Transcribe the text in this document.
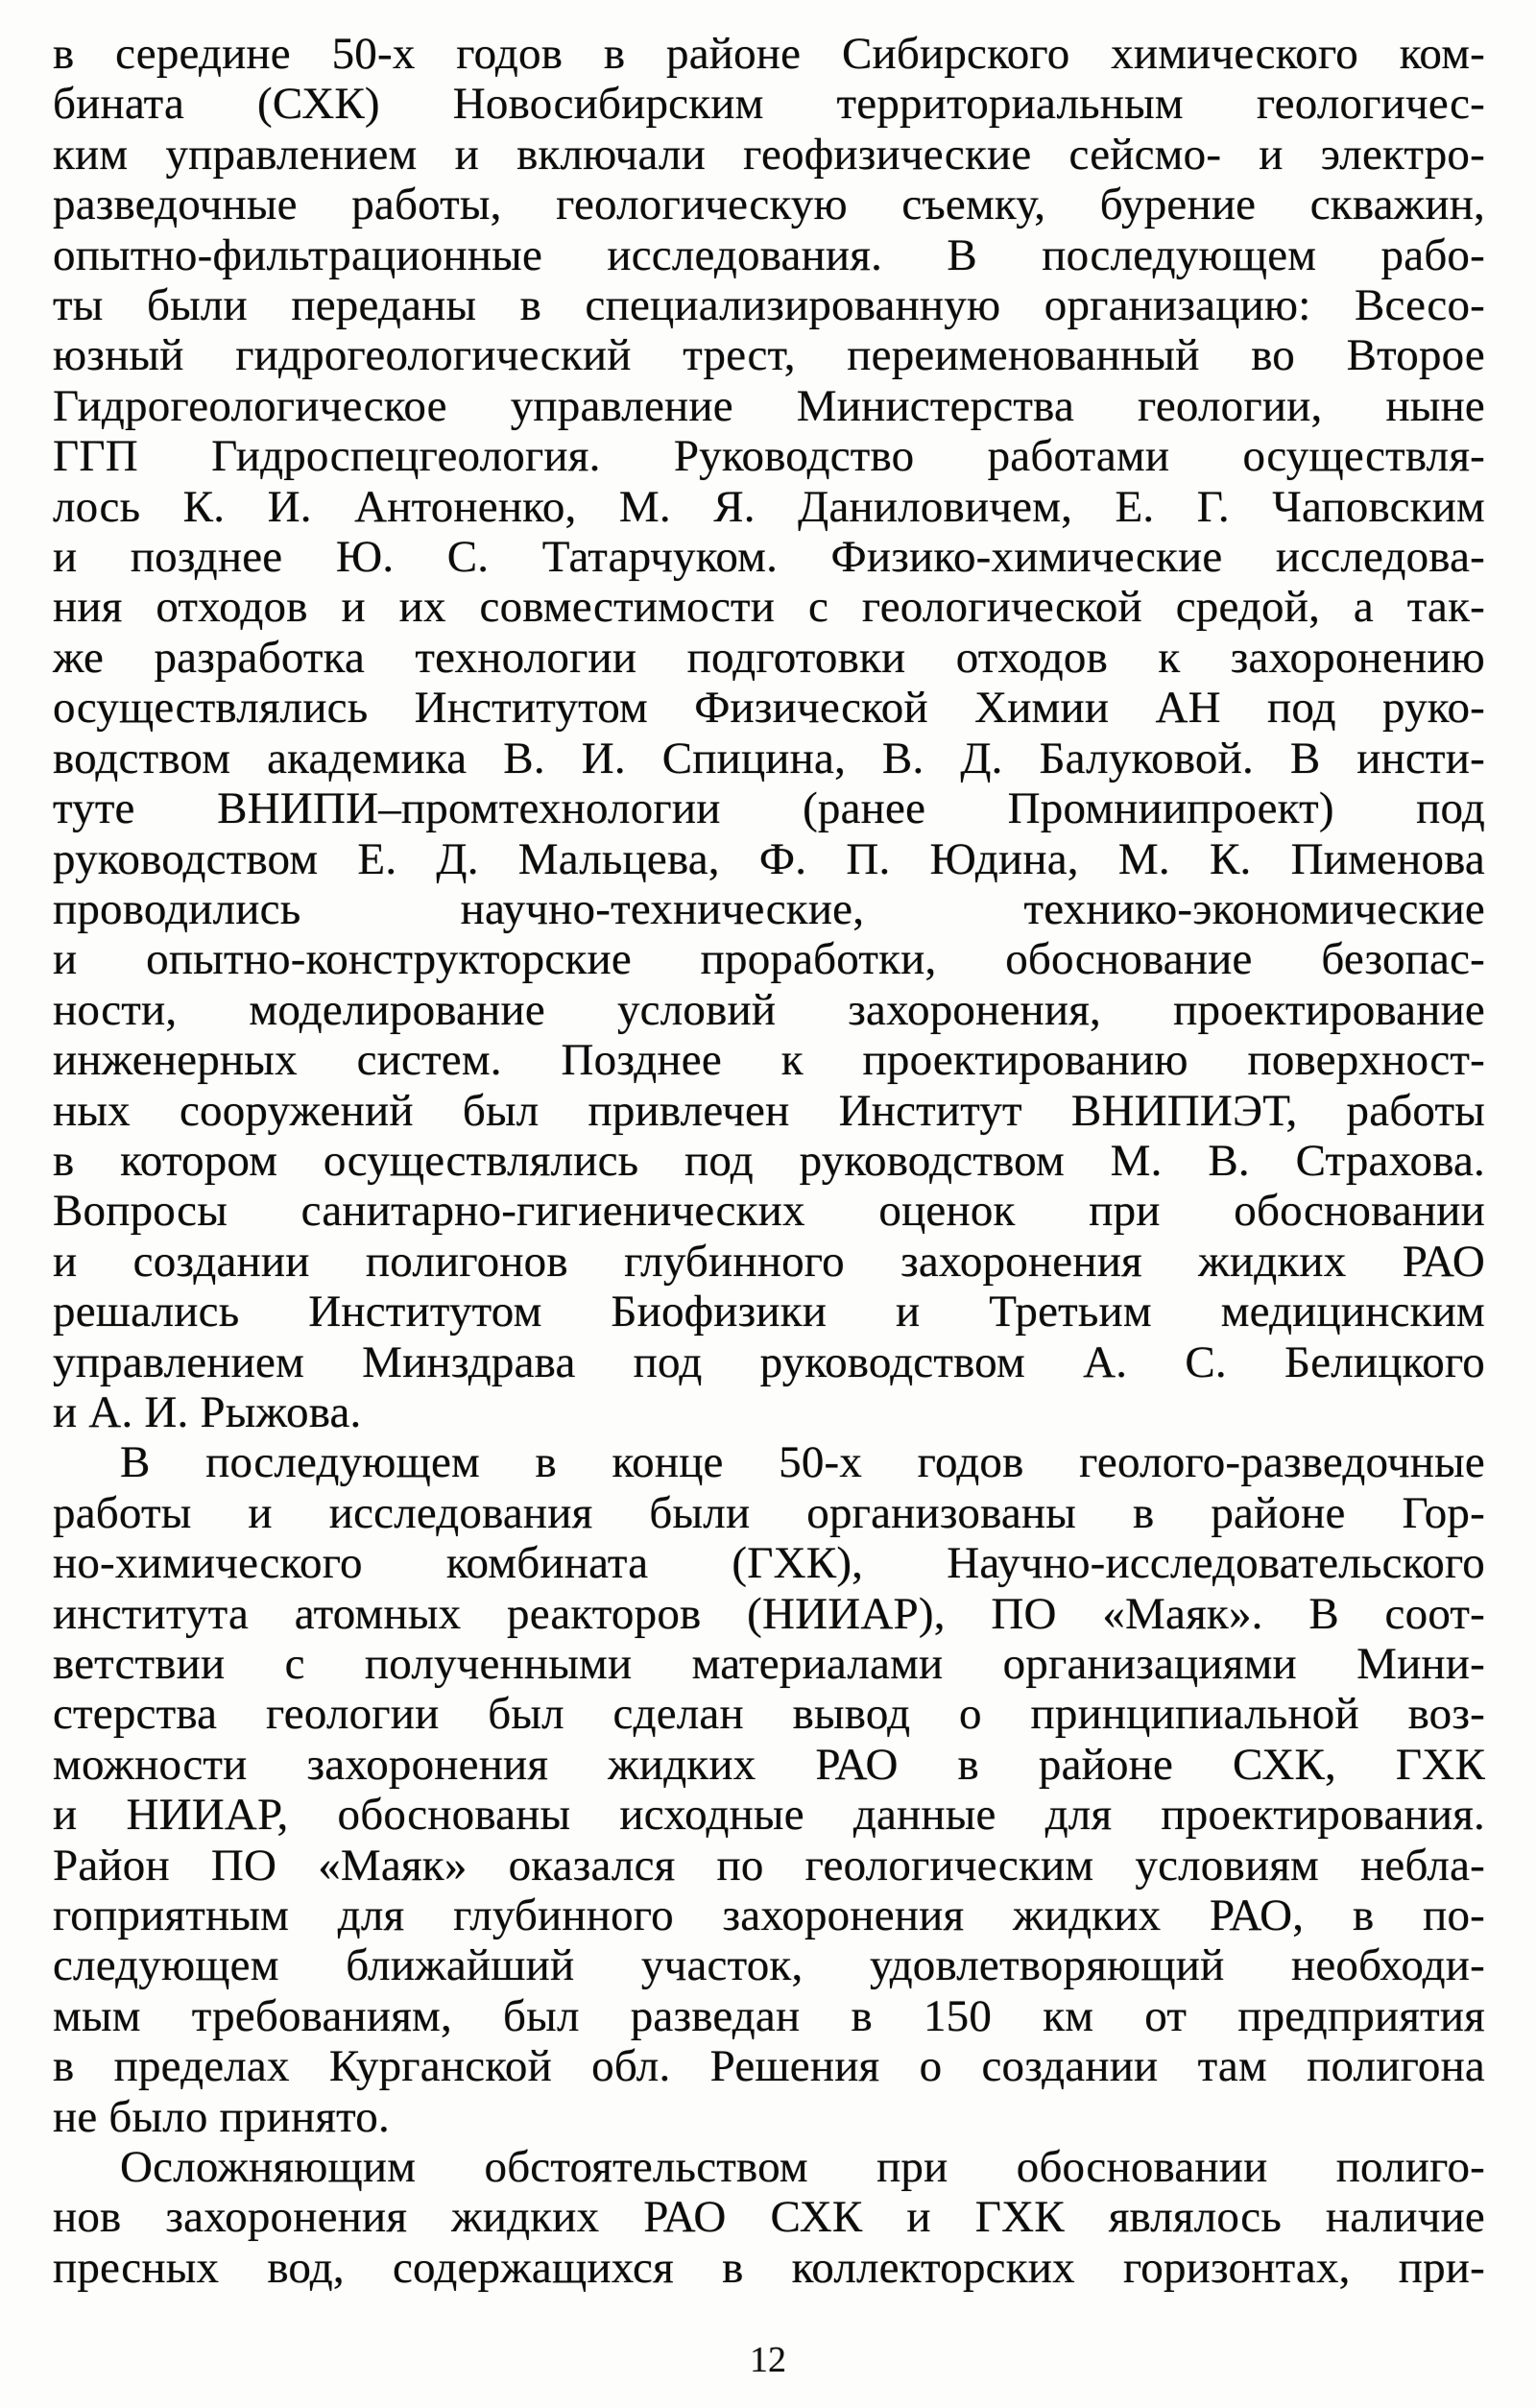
в середине 50-х годов в районе Сибирского химического ком-
бината (СХК) Новосибирским территориальным геологичес-
ким управлением и включали геофизические сейсмо- и электро-
разведочные работы, геологическую съемку, бурение скважин,
опытно-фильтрационные исследования. В последующем рабо-
ты были переданы в специализированную организацию: Всесо-
юзный гидрогеологический трест, переименованный во Второе
Гидрогеологическое управление Министерства геологии, ныне
ГГП Гидроспецгеология. Руководство работами осуществля-
лось К. И. Антоненко, М. Я. Даниловичем, Е. Г. Чаповским
и позднее Ю. С. Татарчуком. Физико-химические исследова-
ния отходов и их совместимости с геологической средой, а так-
же разработка технологии подготовки отходов к захоронению
осуществлялись Институтом Физической Химии АН под руко-
водством академика В. И. Спицина, В. Д. Балуковой. В инсти-
туте ВНИПИ–промтехнологии (ранее Промниипроект) под
руководством Е. Д. Мальцева, Ф. П. Юдина, М. К. Пименова
проводились научно-технические, технико-экономические
и опытно-конструкторские проработки, обоснование безопас-
ности, моделирование условий захоронения, проектирование
инженерных систем. Позднее к проектированию поверхност-
ных сооружений был привлечен Институт ВНИПИЭТ, работы
в котором осуществлялись под руководством М. В. Страхова.
Вопросы санитарно-гигиенических оценок при обосновании
и создании полигонов глубинного захоронения жидких РАО
решались Институтом Биофизики и Третьим медицинским
управлением Минздрава под руководством А. С. Белицкого
и А. И. Рыжова.
В последующем в конце 50-х годов геолого-разведочные
работы и исследования были организованы в районе Гор-
но-химического комбината (ГХК), Научно-исследовательского
института атомных реакторов (НИИАР), ПО «Маяк». В соот-
ветствии с полученными материалами организациями Мини-
стерства геологии был сделан вывод о принципиальной воз-
можности захоронения жидких РАО в районе СХК, ГХК
и НИИАР, обоснованы исходные данные для проектирования.
Район ПО «Маяк» оказался по геологическим условиям небла-
гоприятным для глубинного захоронения жидких РАО, в по-
следующем ближайший участок, удовлетворяющий необходи-
мым требованиям, был разведан в 150 км от предприятия
в пределах Курганской обл. Решения о создании там полигона
не было принято.
Осложняющим обстоятельством при обосновании полиго-
нов захоронения жидких РАО СХК и ГХК являлось наличие
пресных вод, содержащихся в коллекторских горизонтах, при-
12
